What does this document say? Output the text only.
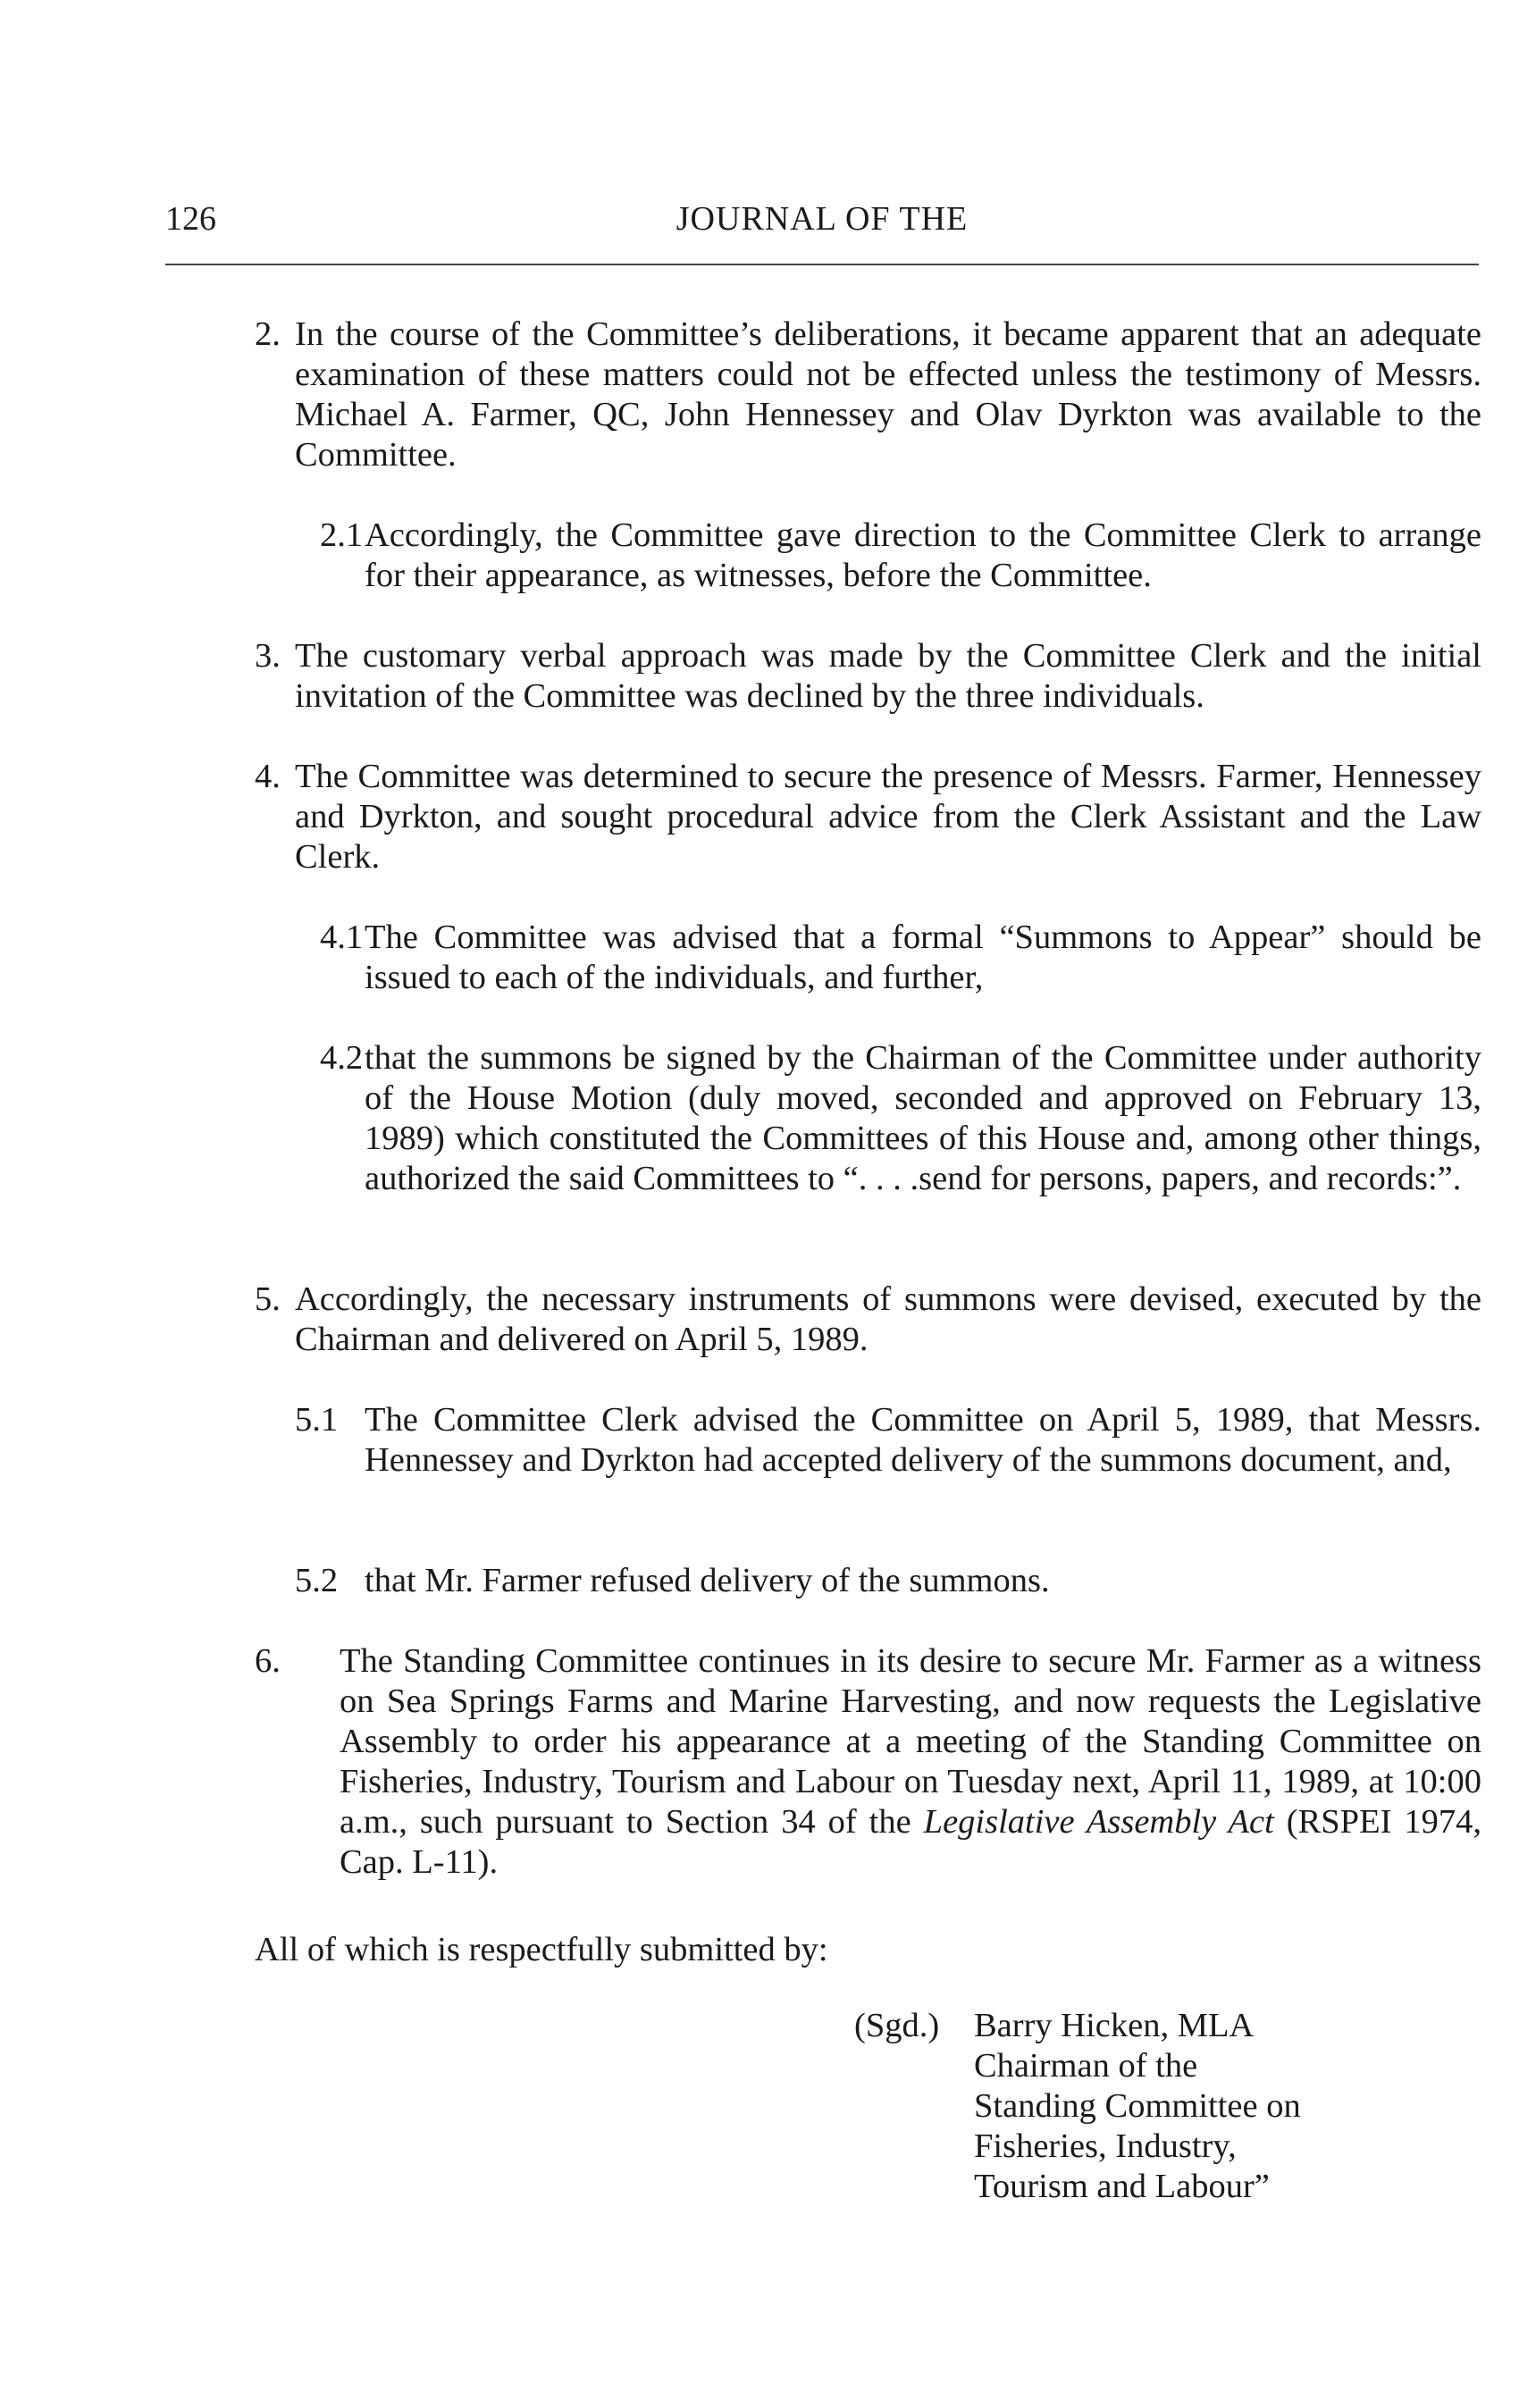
126	JOURNAL OF THE
2. In the course of the Committee’s deliberations, it became apparent that an adequate examination of these matters could not be effected unless the testimony of Messrs. Michael A. Farmer, QC, John Hennessey and Olav Dyrkton was available to the Committee.

2.1 Accordingly, the Committee gave direction to the Committee Clerk to arrange for their appearance, as witnesses, before the Committee.

3. The customary verbal approach was made by the Committee Clerk and the initial invitation of the Committee was declined by the three individuals.

4. The Committee was determined to secure the presence of Messrs. Farmer, Hennessey and Dyrkton, and sought procedural advice from the Clerk Assistant and the Law Clerk.

4.1 The Committee was advised that a formal “Summons to Appear” should be issued to each of the individuals, and further,

4.2 that the summons be signed by the Chairman of the Committee under authority of the House Motion (duly moved, seconded and approved on February 13, 1989) which constituted the Committees of this House and, among other things, authorized the said Committees to “. . . .send for persons, papers, and records:”.

5. Accordingly, the necessary instruments of summons were devised, executed by the Chairman and delivered on April 5, 1989.

5.1 The Committee Clerk advised the Committee on April 5, 1989, that Messrs. Hennessey and Dyrkton had accepted delivery of the summons document, and,

5.2 that Mr. Farmer refused delivery of the summons.

6. The Standing Committee continues in its desire to secure Mr. Farmer as a witness on Sea Springs Farms and Marine Harvesting, and now requests the Legislative Assembly to order his appearance at a meeting of the Standing Committee on Fisheries, Industry, Tourism and Labour on Tuesday next, April 11, 1989, at 10:00 a.m., such pursuant to Section 34 of the Legislative Assembly Act (RSPEI 1974, Cap. L-11).

All of which is respectfully submitted by:
(Sgd.) Barry Hicken, MLA
Chairman of the
Standing Committee on
Fisheries, Industry,
Tourism and Labour”
